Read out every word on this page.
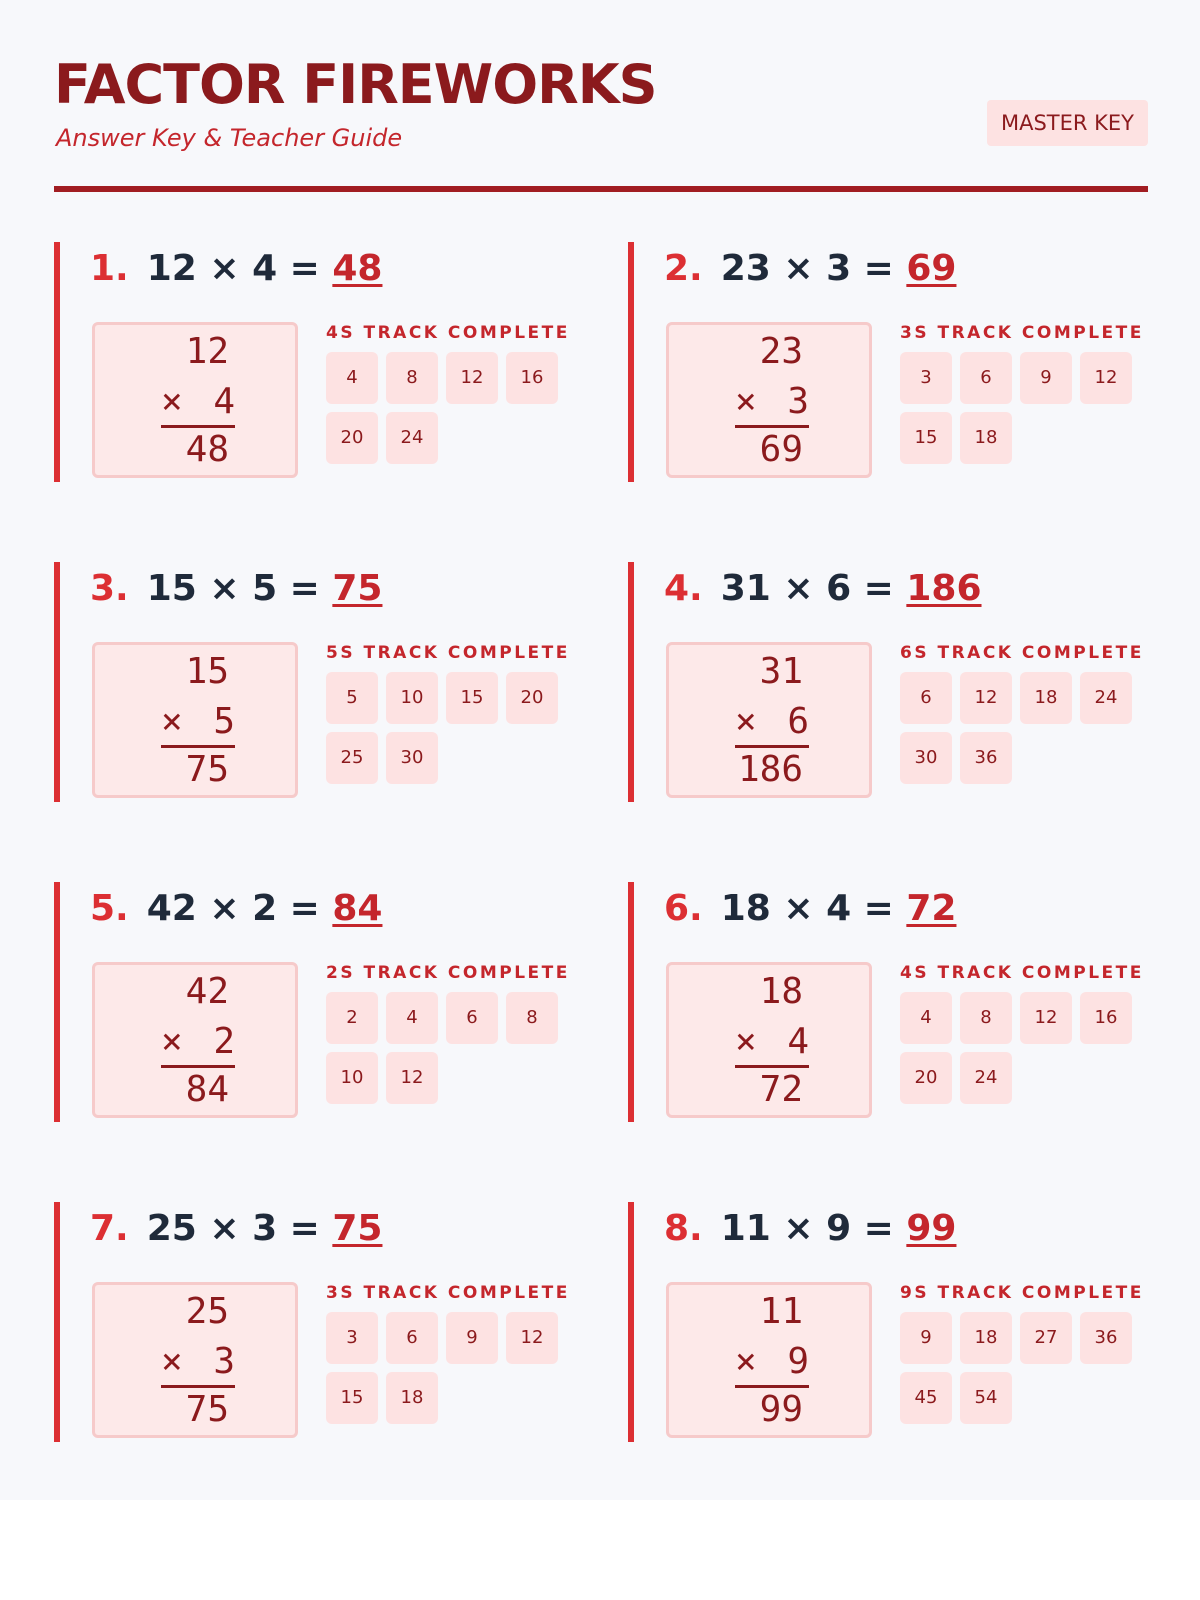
FACTOR FIREWORKS

Answer Key & Teacher Guide

MASTER KEY
1. 12 × 4 = 48
12
× 4
48
4S TRACK COMPLETE
4	8	12	16
20	24
2. 23 × 3 = 69
23
× 3
69
3S TRACK COMPLETE
3	6	9	12
15	18
3. 15 × 5 = 75
15
× 5
75
5S TRACK COMPLETE
5	10	15	20
25	30
4. 31 × 6 = 186
31
× 6
186
6S TRACK COMPLETE
6	12	18	24
30	36
5. 42 × 2 = 84
42
× 2
84
2S TRACK COMPLETE
2	4	6	8
10	12
6. 18 × 4 = 72
18
× 4
72
4S TRACK COMPLETE
4	8	12	16
20	24
7. 25 × 3 = 75
25
× 3
75
3S TRACK COMPLETE
3	6	9	12
15	18
8. 11 × 9 = 99
11
× 9
99
9S TRACK COMPLETE
9	18	27	36
45	54
